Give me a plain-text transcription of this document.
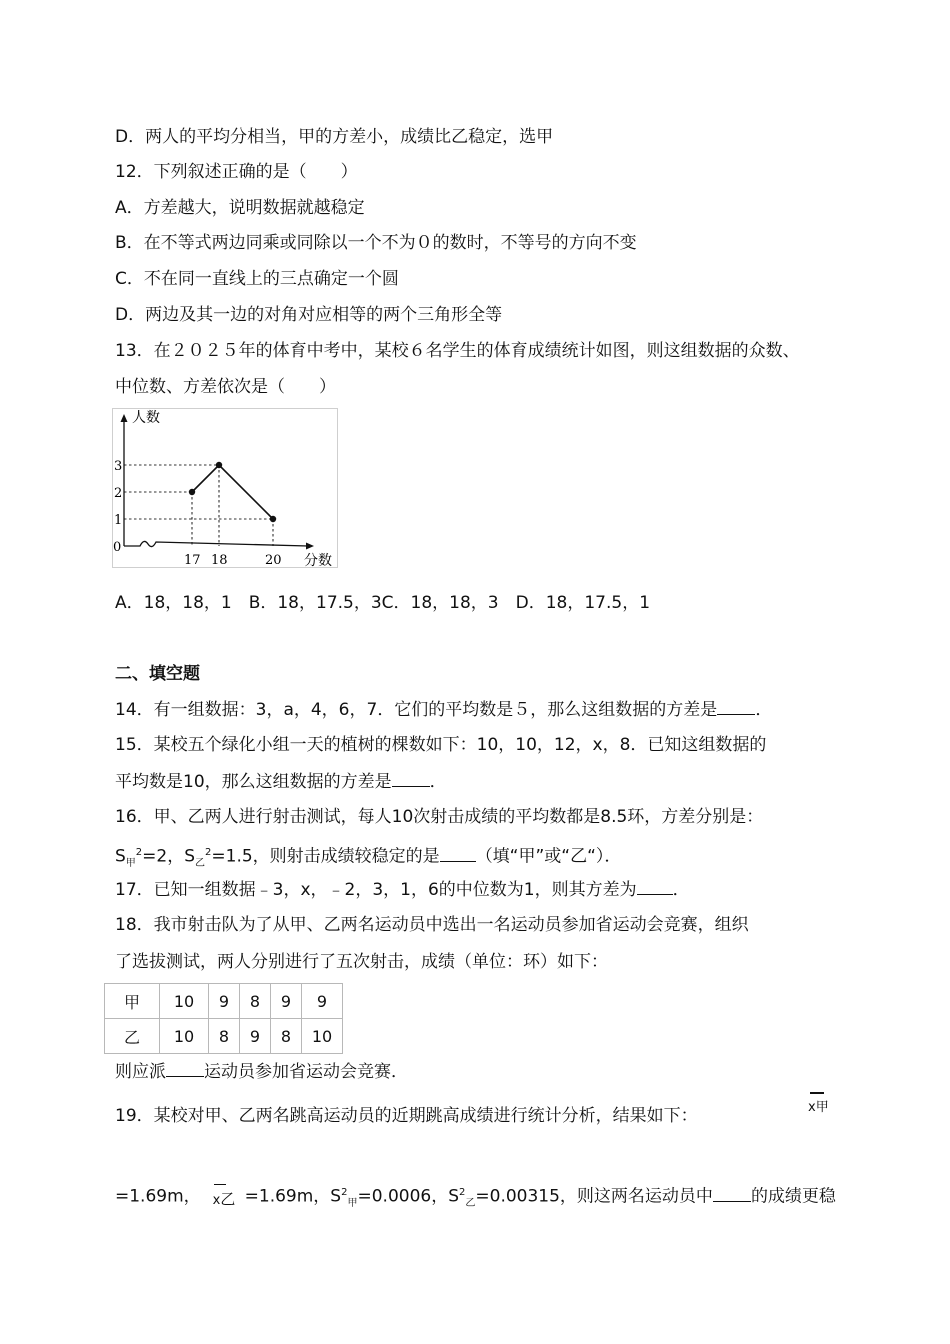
D．两人的平均分相当，甲的方差小，成绩比乙稳定，选甲
12．下列叙述正确的是（　　）
A．方差越大，说明数据就越稳定
B．在不等式两边同乘或同除以一个不为０的数时，不等号的方向不变
C．不在同一直线上的三点确定一个圆
D．两边及其一边的对角对应相等的两个三角形全等
13．在２０２５年的体育中考中，某校６名学生的体育成绩统计如图，则这组数据的众数、
中位数、方差依次是（　　）
人数
分数
1
2
3
0
17 18	20
A．18，18，1　B．18，17.5，3C．18，18，3　D．18，17.5，1
二、填空题
14．有一组数据：3，a，4，6，7．它们的平均数是５，那么这组数据的方差是 ．
15．某校五个绿化小组一天的植树的棵数如下：10，10，12，x，8．已知这组数据的
平均数是10，那么这组数据的方差是 ．
16．甲、乙两人进行射击测试，每人10次射击成绩的平均数都是8.5环，方差分别是：
$S_甲^2=2$，$S_乙^2=1.5$，则射击成绩较稳定的是 （填“甲”或“乙“）．
17．已知一组数据﹣3，x，﹣2，3，1，6的中位数为1，则其方差为 ．
18．我市射击队为了从甲、乙两名运动员中选出一名运动员参加省运动会竞赛，组织
了选拔测试，两人分别进行了五次射击，成绩（单位：环）如下：
甲	10	9	8	9	9
乙	10	8	9	8	10
则应派 运动员参加省运动会竞赛．
19．某校对甲、乙两名跳高运动员的近期跳高成绩进行统计分析，结果如下：	x甲
=1.69m， x乙 =1.69m，$S^2_甲=0.0006$，$S^2_乙=0.00315$，则这两名运动员中 的成绩更稳
